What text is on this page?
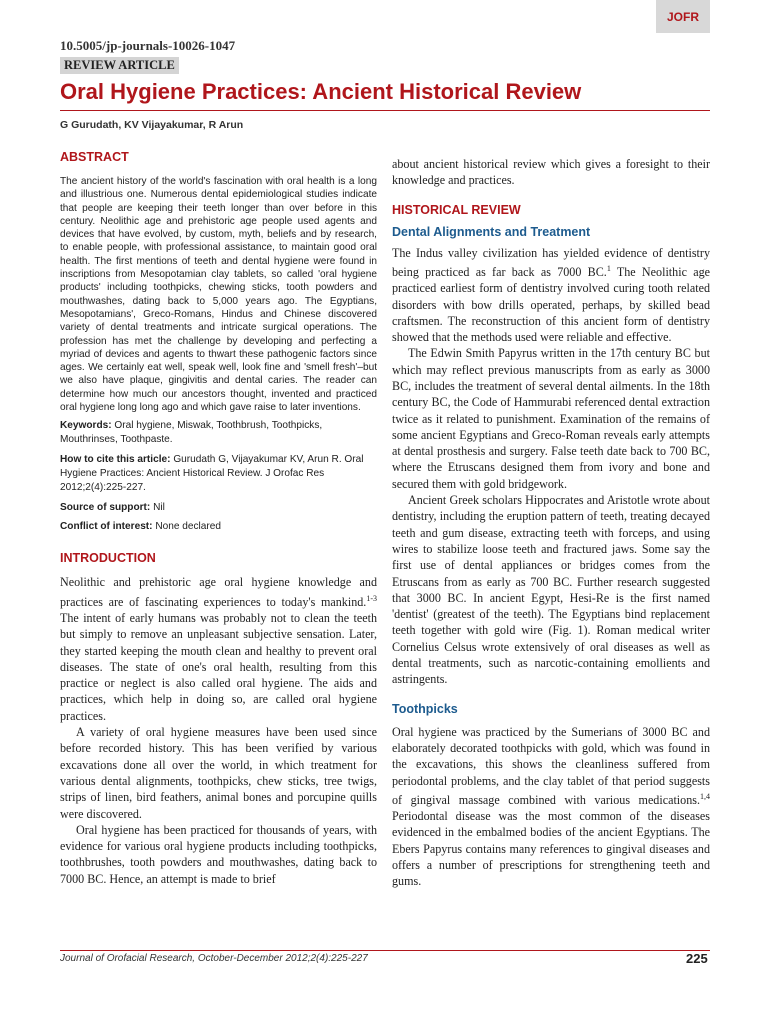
JOFR
10.5005/jp-journals-10026-1047
REVIEW ARTICLE
Oral Hygiene Practices: Ancient Historical Review
G Gurudath, KV Vijayakumar, R Arun
ABSTRACT

The ancient history of the world's fascination with oral health is a long and illustrious one. Numerous dental epidemiological studies indicate that people are keeping their teeth longer than over before in this century. Neolithic age and prehistoric age people used agents and devices that have evolved, by custom, myth, beliefs and by research, to enable people, with professional assistance, to maintain good oral health. The first mentions of teeth and dental hygiene were found in inscriptions from Mesopotamian clay tablets, so called 'oral hygiene products' including toothpicks, chewing sticks, tooth powders and mouthwashes, dating back to 5,000 years ago. The Egyptians, Mesopotamians', Greco-Romans, Hindus and Chinese discovered variety of dental treatments and intricate surgical operations. The profession has met the challenge by developing and perfecting a myriad of devices and agents to thwart these pathogenic factors since ages. We certainly eat well, speak well, look fine and 'smell fresh'–but we also have plaque, gingivitis and dental caries. The reader can determine how much our ancestors thought, invented and practiced oral hygiene long long ago and which gave raise to later inventions.

Keywords: Oral hygiene, Miswak, Toothbrush, Toothpicks, Mouthrinses, Toothpaste.

How to cite this article: Gurudath G, Vijayakumar KV, Arun R. Oral Hygiene Practices: Ancient Historical Review. J Orofac Res 2012;2(4):225-227.

Source of support: Nil

Conflict of interest: None declared

INTRODUCTION

Neolithic and prehistoric age oral hygiene knowledge and practices are of fascinating experiences to today's mankind.$^{1-3}$ The intent of early humans was probably not to clean the teeth but simply to remove an unpleasant subjective sensation. Later, they started keeping the mouth clean and healthy to prevent oral diseases. The state of one's oral health, resulting from this practice or neglect is also called oral hygiene. The aids and practices, which help in doing so, are called oral hygiene practices.

A variety of oral hygiene measures have been used since before recorded history. This has been verified by various excavations done all over the world, in which treatment for various dental alignments, toothpicks, chew sticks, tree twigs, strips of linen, bird feathers, animal bones and porcupine quills were discovered.

Oral hygiene has been practiced for thousands of years, with evidence for various oral hygiene products including toothpicks, toothbrushes, tooth powders and mouthwashes, dating back to 7000 BC. Hence, an attempt is made to brief

about ancient historical review which gives a foresight to their knowledge and practices.

HISTORICAL REVIEW
Dental Alignments and Treatment

The Indus valley civilization has yielded evidence of dentistry being practiced as far back as 7000 BC.$^1$ The Neolithic age practiced earliest form of dentistry involved curing tooth related disorders with bow drills operated, perhaps, by skilled bead craftsmen. The reconstruction of this ancient form of dentistry showed that the methods used were reliable and effective.

The Edwin Smith Papyrus written in the 17th century BC but which may reflect previous manuscripts from as early as 3000 BC, includes the treatment of several dental ailments. In the 18th century BC, the Code of Hammurabi referenced dental extraction twice as it related to punishment. Examination of the remains of some ancient Egyptians and Greco-Roman reveals early attempts at dental prosthesis and surgery. False teeth date back to 700 BC, where the Etruscans designed them from ivory and bone and secured them with gold bridgework.

Ancient Greek scholars Hippocrates and Aristotle wrote about dentistry, including the eruption pattern of teeth, treating decayed teeth and gum disease, extracting teeth with forceps, and using wires to stabilize loose teeth and fractured jaws. Some say the first use of dental appliances or bridges comes from the Etruscans from as early as 700 BC. Further research suggested that 3000 BC. In ancient Egypt, Hesi-Re is the first named 'dentist' (greatest of the teeth). The Egyptians bind replacement teeth together with gold wire (Fig. 1). Roman medical writer Cornelius Celsus wrote extensively of oral diseases as well as dental treatments, such as narcotic-containing emollients and astringents.

Toothpicks

Oral hygiene was practiced by the Sumerians of 3000 BC and elaborately decorated toothpicks with gold, which was found in the excavations, this shows the cleanliness suffered from periodontal problems, and the clay tablet of that period suggests of gingival massage combined with various medications.$^{1,4}$ Periodontal disease was the most common of the diseases evidenced in the embalmed bodies of the ancient Egyptians. The Ebers Papyrus contains many references to gingival diseases and offers a number of prescriptions for strengthening teeth and gums.

Journal of Orofacial Research, October-December 2012;2(4):225-227	225
